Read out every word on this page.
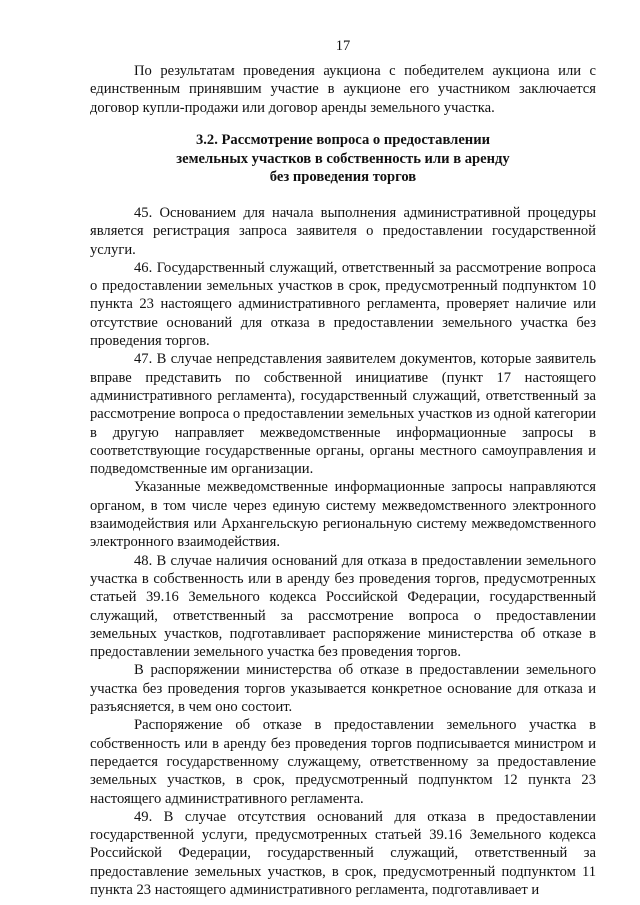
17

По результатам проведения аукциона с победителем аукциона или с единственным принявшим участие в аукционе его участником заключается договор купли-продажи или договор аренды земельного участка.

3.2. Рассмотрение вопроса о предоставлении
земельных участков в собственность или в аренду
без проведения торгов

45. Основанием для начала выполнения административной процедуры является регистрация запроса заявителя о предоставлении государственной услуги.

46. Государственный служащий, ответственный за рассмотрение вопроса о предоставлении земельных участков в срок, предусмотренный подпунктом 10 пункта 23 настоящего административного регламента, проверяет наличие или отсутствие оснований для отказа в предоставлении земельного участка без проведения торгов.

47. В случае непредставления заявителем документов, которые заявитель вправе представить по собственной инициативе (пункт 17 настоящего административного регламента), государственный служащий, ответственный за рассмотрение вопроса о предоставлении земельных участков из одной категории в другую направляет межведомственные информационные запросы в соответствующие государственные органы, органы местного самоуправления и подведомственные им организации.

Указанные межведомственные информационные запросы направляются органом, в том числе через единую систему межведомственного электронного взаимодействия или Архангельскую региональную систему межведомственного электронного взаимодействия.

48. В случае наличия оснований для отказа в предоставлении земельного участка в собственность или в аренду без проведения торгов, предусмотренных статьей 39.16 Земельного кодекса Российской Федерации, государственный служащий, ответственный за рассмотрение вопроса о предоставлении земельных участков, подготавливает распоряжение министерства об отказе в предоставлении земельного участка без проведения торгов.

В распоряжении министерства об отказе в предоставлении земельного участка без проведения торгов указывается конкретное основание для отказа и разъясняется, в чем оно состоит.

Распоряжение об отказе в предоставлении земельного участка в собственность или в аренду без проведения торгов подписывается министром и передается государственному служащему, ответственному за предоставление земельных участков, в срок, предусмотренный подпунктом 12 пункта 23 настоящего административного регламента.

49. В случае отсутствия оснований для отказа в предоставлении государственной услуги, предусмотренных статьей 39.16 Земельного кодекса Российской Федерации, государственный служащий, ответственный за предоставление земельных участков, в срок, предусмотренный подпунктом 11 пункта 23 настоящего административного регламента, подготавливает и
